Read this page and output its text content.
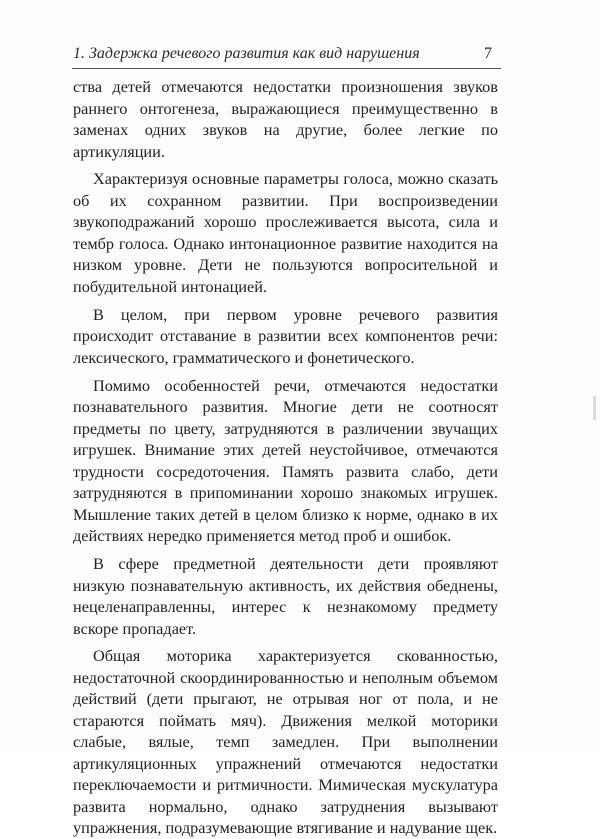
1. Задержка речевого развития как вид нарушения	7

ства детей отмечаются недостатки произношения звуков раннего онтогенеза, выражающиеся преимущественно в заменах одних звуков на другие, более легкие по артикуляции.

Характеризуя основные параметры голоса, можно сказать об их сохранном развитии. При воспроизведении звукоподражаний хорошо прослеживается высота, сила и тембр голоса. Однако интонационное развитие находится на низком уровне. Дети не пользуются вопросительной и побудительной интонацией.

В целом, при первом уровне речевого развития происходит отставание в развитии всех компонентов речи: лексического, грамматического и фонетического.

Помимо особенностей речи, отмечаются недостатки познавательного развития. Многие дети не соотносят предметы по цвету, затрудняются в различении звучащих игрушек. Внимание этих детей неустойчивое, отмечаются трудности сосредоточения. Память развита слабо, дети затрудняются в припоминании хорошо знакомых игрушек. Мышление таких детей в целом близко к норме, однако в их действиях нередко применяется метод проб и ошибок.

В сфере предметной деятельности дети проявляют низкую познавательную активность, их действия обеднены, нецеленаправленны, интерес к незнакомому предмету вскоре пропадает.

Общая моторика характеризуется скованностью, недостаточной скоординированностью и неполным объемом действий (дети прыгают, не отрывая ног от пола, и не стараются поймать мяч). Движения мелкой моторики слабые, вялые, темп замедлен. При выполнении артикуляционных упражнений отмечаются недостатки переключаемости и ритмичности. Мимическая мускулатура развита нормально, однако затруднения вызывают упражнения, подразумевающие втягивание и надувание щек.
